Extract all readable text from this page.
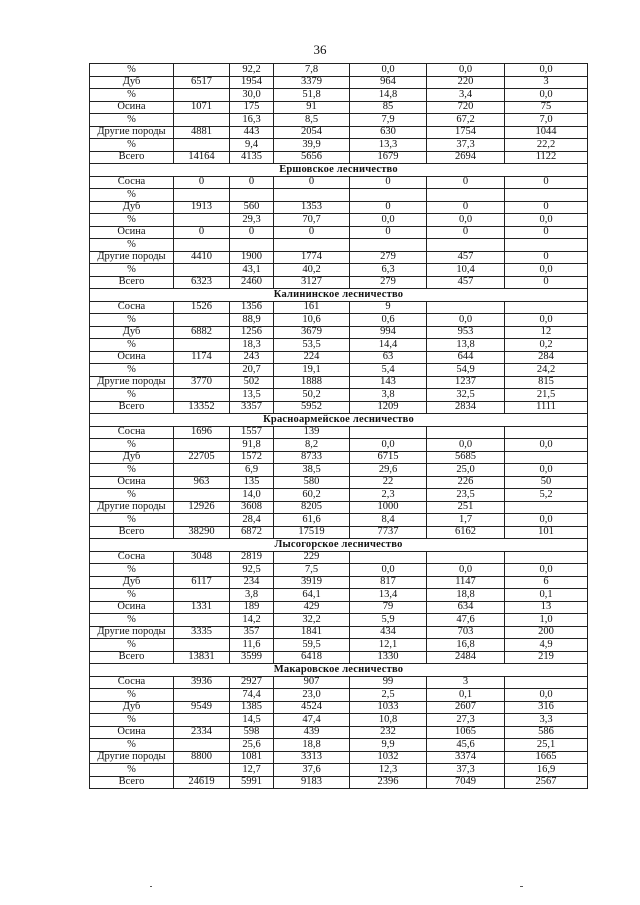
36
%		92,2	7,8	0,0	0,0	0,0
Дуб	6517	1954	3379	964	220	3
%		30,0	51,8	14,8	3,4	0,0
Осина	1071	175	91	85	720	75
%		16,3	8,5	7,9	67,2	7,0
Другие породы	4881	443	2054	630	1754	1044
%		9,4	39,9	13,3	37,3	22,2
Всего	14164	4135	5656	1679	2694	1122
Ершовское лесничество						
Сосна	0	0	0	0	0	0
%						
Дуб	1913	560	1353	0	0	0
%		29,3	70,7	0,0	0,0	0,0
Осина	0	0	0	0	0	0
%						
Другие породы	4410	1900	1774	279	457	0
%		43,1	40,2	6,3	10,4	0,0
Всего	6323	2460	3127	279	457	0
Калининское лесничество						
Сосна	1526	1356	161	9		
%		88,9	10,6	0,6	0,0	0,0
Дуб	6882	1256	3679	994	953	12
%		18,3	53,5	14,4	13,8	0,2
Осина	1174	243	224	63	644	284
%		20,7	19,1	5,4	54,9	24,2
Другие породы	3770	502	1888	143	1237	815
%		13,5	50,2	3,8	32,5	21,5
Всего	13352	3357	5952	1209	2834	1111
Красноармейское лесничество						
Сосна	1696	1557	139			
%		91,8	8,2	0,0	0,0	0,0
Дуб	22705	1572	8733	6715	5685	
%		6,9	38,5	29,6	25,0	0,0
Осина	963	135	580	22	226	50
%		14,0	60,2	2,3	23,5	5,2
Другие породы	12926	3608	8205	1000	251	
%		28,4	61,6	8,4	1,7	0,0
Всего	38290	6872	17519	7737	6162	101
Лысогорское лесничество						
Сосна	3048	2819	229			
%		92,5	7,5	0,0	0,0	0,0
Дуб	6117	234	3919	817	1147	6
%		3,8	64,1	13,4	18,8	0,1
Осина	1331	189	429	79	634	13
%		14,2	32,2	5,9	47,6	1,0
Другие породы	3335	357	1841	434	703	200
%		11,6	59,5	12,1	16,8	4,9
Всего	13831	3599	6418	1330	2484	219
Макаровское лесничество						
Сосна	3936	2927	907	99	3	
%		74,4	23,0	2,5	0,1	0,0
Дуб	9549	1385	4524	1033	2607	316
%		14,5	47,4	10,8	27,3	3,3
Осина	2334	598	439	232	1065	586
%		25,6	18,8	9,9	45,6	25,1
Другие породы	8800	1081	3313	1032	3374	1665
%		12,7	37,6	12,3	37,3	16,9
Всего	24619	5991	9183	2396	7049	2567
